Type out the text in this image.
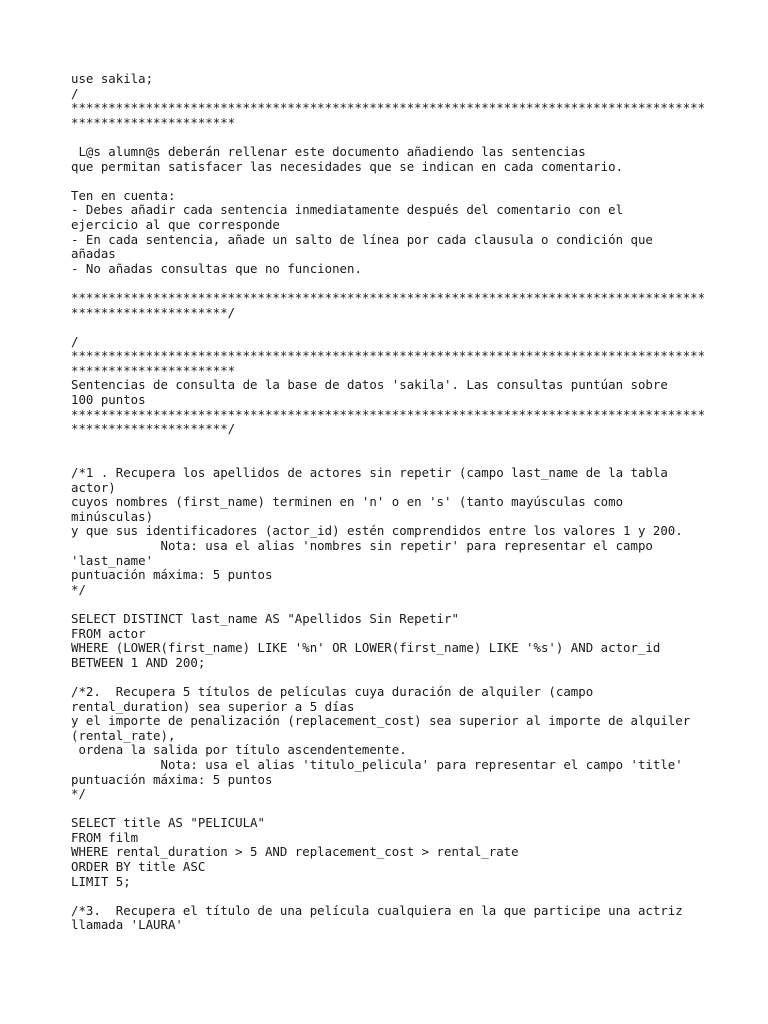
use sakila;
/
*************************************************************************************
**********************
L@s alumn@s deberán rellenar este documento añadiendo las sentencias
que permitan satisfacer las necesidades que se indican en cada comentario.
Ten en cuenta:
- Debes añadir cada sentencia inmediatamente después del comentario con el
ejercicio al que corresponde
- En cada sentencia, añade un salto de línea por cada clausula o condición que
añadas
- No añadas consultas que no funcionen.
*************************************************************************************
*********************/
/
*************************************************************************************
**********************
Sentencias de consulta de la base de datos 'sakila'. Las consultas puntúan sobre
100 puntos
*************************************************************************************
*********************/
/*1 . Recupera los apellidos de actores sin repetir (campo last_name de la tabla
actor)
cuyos nombres (first_name) terminen en 'n' o en 's' (tanto mayúsculas como
minúsculas)
y que sus identificadores (actor_id) estén comprendidos entre los valores 1 y 200.
Nota: usa el alias 'nombres sin repetir' para representar el campo
'last_name'
puntuación máxima: 5 puntos
*/
SELECT DISTINCT last_name AS "Apellidos Sin Repetir"
FROM actor
WHERE (LOWER(first_name) LIKE '%n' OR LOWER(first_name) LIKE '%s') AND actor_id
BETWEEN 1 AND 200;
/*2.  Recupera 5 títulos de películas cuya duración de alquiler (campo
rental_duration) sea superior a 5 días
y el importe de penalización (replacement_cost) sea superior al importe de alquiler
(rental_rate),
ordena la salida por título ascendentemente.
Nota: usa el alias 'titulo_pelicula' para representar el campo 'title'
puntuación máxima: 5 puntos
*/
SELECT title AS "PELICULA"
FROM film
WHERE rental_duration > 5 AND replacement_cost > rental_rate
ORDER BY title ASC
LIMIT 5;
/*3.  Recupera el título de una película cualquiera en la que participe una actriz
llamada 'LAURA'
